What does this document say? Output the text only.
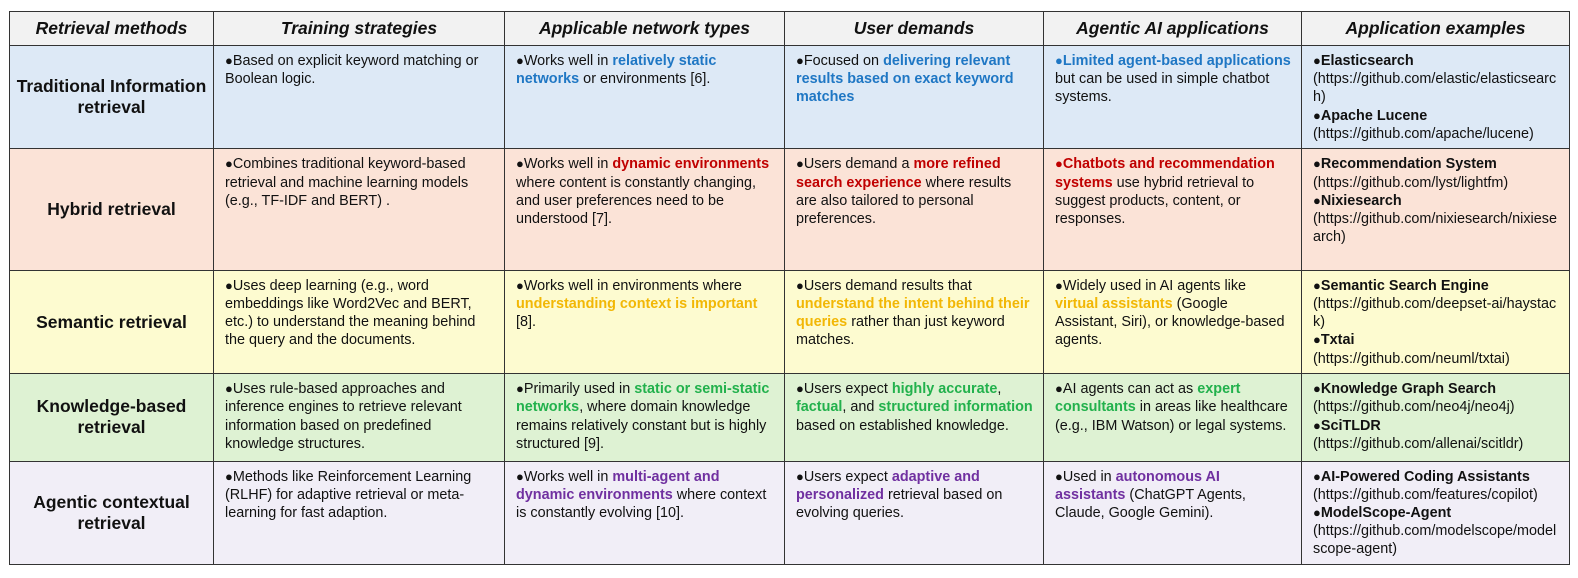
Retrieval methods	Training strategies	Applicable network types	User demands	Agentic AI applications	Application examples
Traditional Information retrieval	●Based on explicit keyword matching or Boolean logic.	●Works well in relatively static networks or environments [6].	●Focused on delivering relevant results based on exact keyword matches	●Limited agent-based applications but can be used in simple chatbot systems.	●Elasticsearch
(https://github.com/elastic/elasticsearch)
●Apache Lucene
(https://github.com/apache/lucene)

Hybrid retrieval	●Combines traditional keyword-based retrieval and machine learning models (e.g., TF-IDF and BERT) .	●Works well in dynamic environments where content is constantly changing, and user preferences need to be understood [7].	●Users demand a more refined search experience where results are also tailored to personal preferences.	●Chatbots and recommendation systems use hybrid retrieval to suggest products, content, or responses.	●Recommendation System
(https://github.com/lyst/lightfm)
●Nixiesearch
(https://github.com/nixiesearch/nixiesearch)

Semantic retrieval	●Uses deep learning (e.g., word embeddings like Word2Vec and BERT, etc.) to understand the meaning behind the query and the documents.	●Works well in environments where understanding context is important [8].	●Users demand results that understand the intent behind their queries rather than just keyword matches.	●Widely used in AI agents like virtual assistants (Google Assistant, Siri), or knowledge-based agents.	●Semantic Search Engine
(https://github.com/deepset-ai/haystack)
●Txtai
(https://github.com/neuml/txtai)

Knowledge-based retrieval	●Uses rule-based approaches and inference engines to retrieve relevant information based on predefined knowledge structures.	●Primarily used in static or semi-static networks, where domain knowledge remains relatively constant but is highly structured [9].	●Users expect highly accurate, factual, and structured information based on established knowledge.	●AI agents can act as expert consultants in areas like healthcare (e.g., IBM Watson) or legal systems.	●Knowledge Graph Search
(https://github.com/neo4j/neo4j)
●SciTLDR
(https://github.com/allenai/scitldr)

Agentic contextual retrieval	●Methods like Reinforcement Learning (RLHF) for adaptive retrieval or meta-learning for fast adaption.	●Works well in multi-agent and dynamic environments where context is constantly evolving [10].	●Users expect adaptive and personalized retrieval based on evolving queries.	●Used in autonomous AI assistants (ChatGPT Agents, Claude, Google Gemini).	●AI-Powered Coding Assistants
(https://github.com/features/copilot)
●ModelScope-Agent
(https://github.com/modelscope/modelscope-agent)
